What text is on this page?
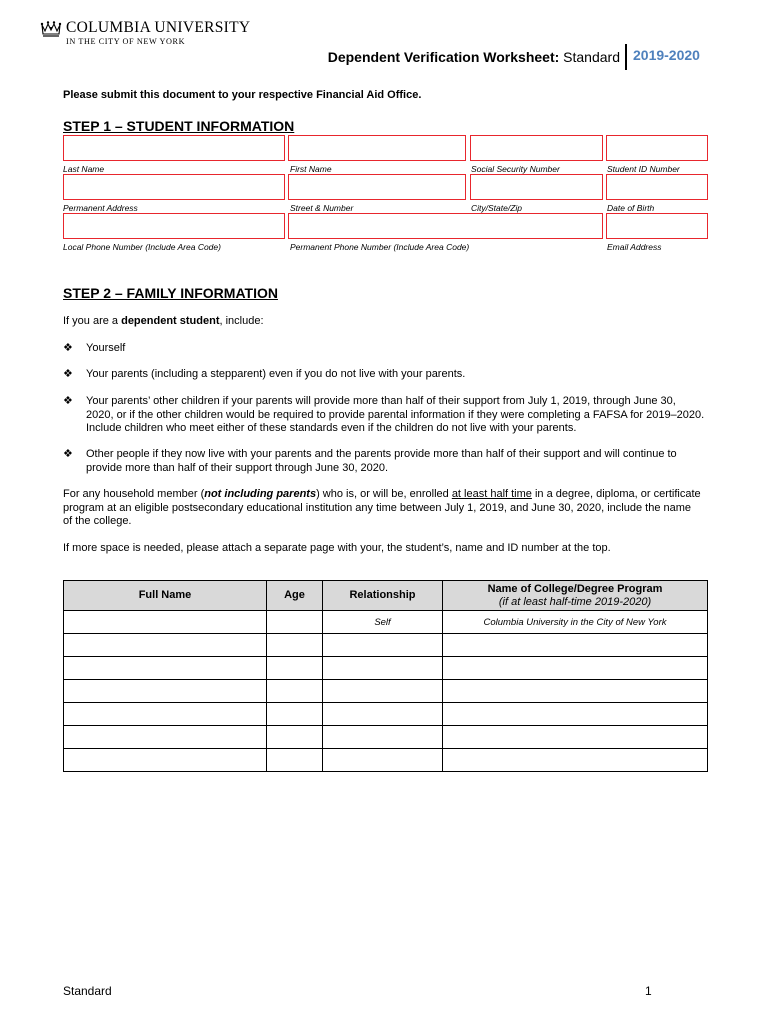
COLUMBIA UNIVERSITY
IN THE CITY OF NEW YORK
Dependent Verification Worksheet: Standard 2019-2020
Please submit this document to your respective Financial Aid Office.
STEP 1 – STUDENT INFORMATION
Last Name	First Name	Social Security Number	Student ID Number
Permanent Address	Street & Number	City/State/Zip	Date of Birth
Local Phone Number (Include Area Code)	Permanent Phone Number (Include Area Code)	Email Address
STEP 2 – FAMILY INFORMATION
If you are a dependent student, include:
❖ Yourself
❖ Your parents (including a stepparent) even if you do not live with your parents.
❖ Your parents’ other children if your parents will provide more than half of their support from July 1, 2019, through June 30, 2020, or if the other children would be required to provide parental information if they were completing a FAFSA for 2019–2020. Include children who meet either of these standards even if the children do not live with your parents.
❖ Other people if they now live with your parents and the parents provide more than half of their support and will continue to provide more than half of their support through June 30, 2020.
For any household member (not including parents) who is, or will be, enrolled at least half time in a degree, diploma, or certificate program at an eligible postsecondary educational institution any time between July 1, 2019, and June 30, 2020, include the name of the college.
If more space is needed, please attach a separate page with your, the student’s, name and ID number at the top.
Full Name	Age	Relationship	Name of College/Degree Program
(if at least half-time 2019-2020)

		Self	Columbia University in the City of New York

Standard	1
